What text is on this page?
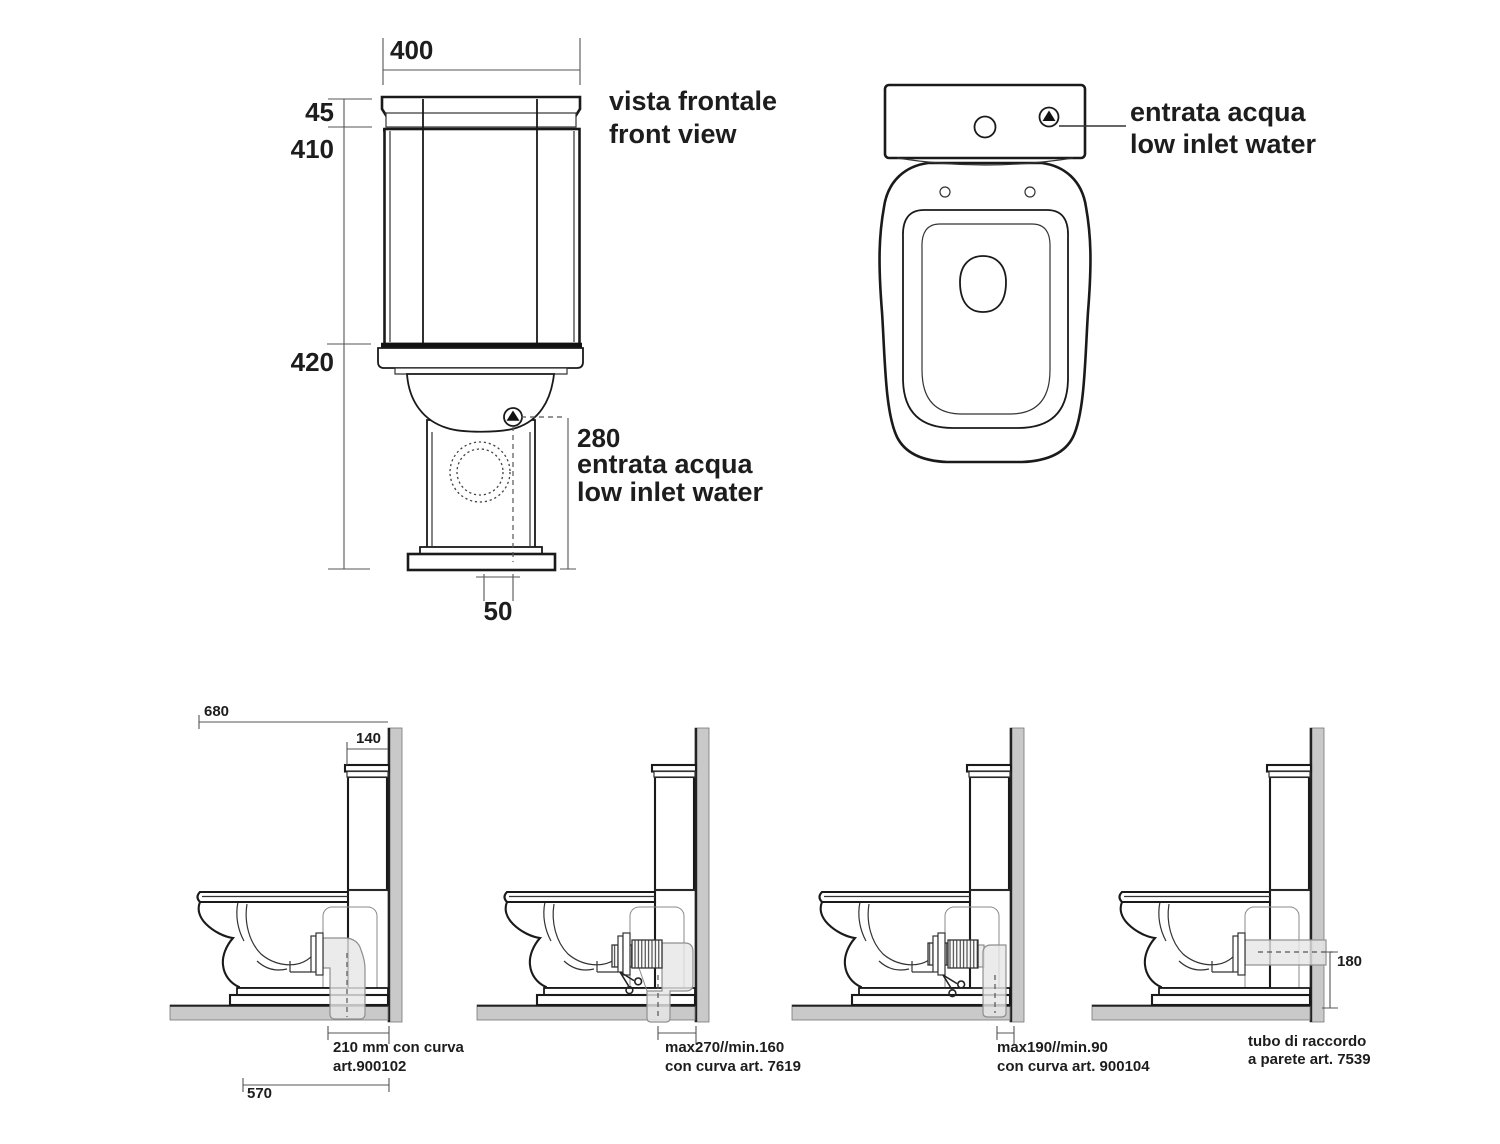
400
45
410
420
280
entrata acqua
low inlet water
50
vista frontale
front view
entrata acqua
low inlet water
680
140
210 mm con curva
art.900102
570
max270//min.160
con curva art. 7619
max190//min.90
con curva art. 900104
180
tubo di raccordo
a parete art. 7539
